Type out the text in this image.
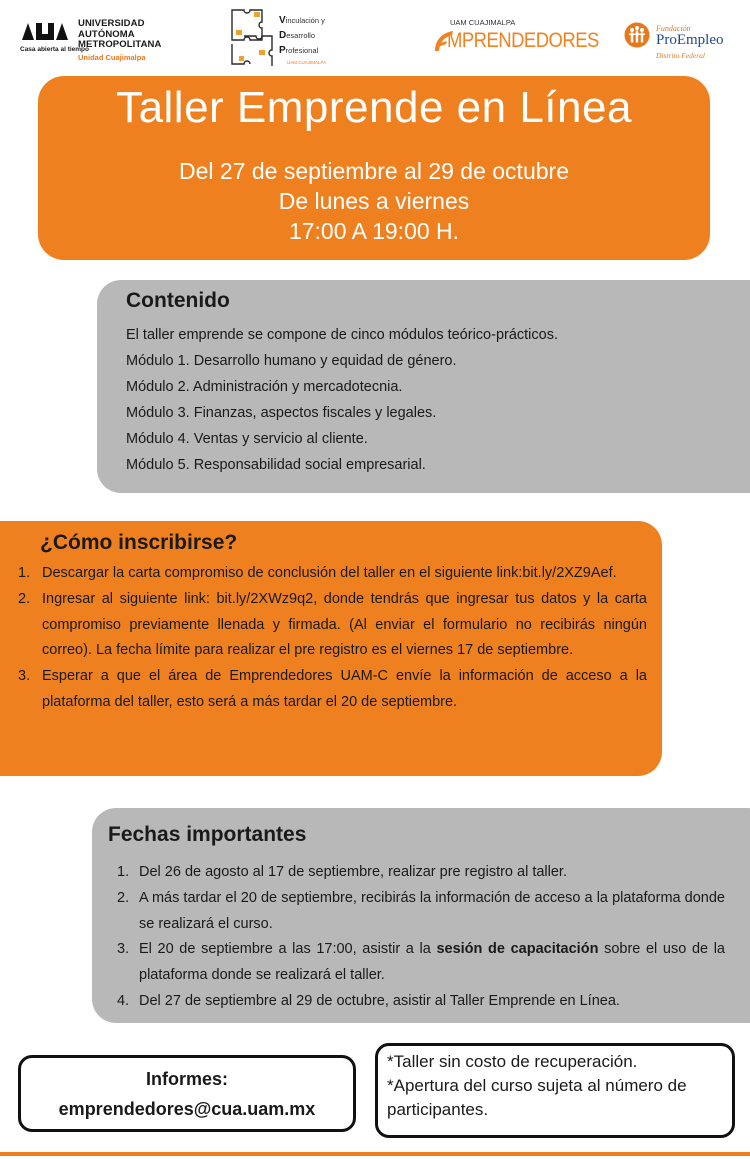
Casa abierta al tiempo
UNIVERSIDAD
AUTÓNOMA
METROPOLITANA
Unidad Cuajimalpa
Vinculación y
Desarrollo
Profesional
UAM CUAJIMALPA
UAM CUAJIMALPA
MPRENDEDORES
Fundación
ProEmpleo
Distrito Federal
Taller Emprende en Línea
Del 27 de septiembre al 29 de octubre
De lunes a viernes
17:00 A 19:00 H.
Contenido
El taller emprende se compone de cinco módulos teórico-prácticos.
Módulo 1. Desarrollo humano y equidad de género.
Módulo 2. Administración y mercadotecnia.
Módulo 3. Finanzas, aspectos fiscales y legales.
Módulo 4. Ventas y servicio al cliente.
Módulo 5. Responsabilidad social empresarial.
¿Cómo inscribirse?
1. Descargar la carta compromiso de conclusión del taller en el siguiente link:bit.ly/2XZ9Aef.
2. Ingresar al siguiente link: bit.ly/2XWz9q2, donde tendrás que ingresar tus datos y la carta compromiso previamente llenada y firmada. (Al enviar el formulario no recibirás ningún correo). La fecha límite para realizar el pre registro es el viernes 17 de septiembre.
3. Esperar a que el área de Emprendedores UAM-C envíe la información de acceso a la plataforma del taller, esto será a más tardar el 20 de septiembre.
Fechas importantes
1. Del 26 de agosto al 17 de septiembre, realizar pre registro al taller.
2. A más tardar el 20 de septiembre, recibirás la información de acceso a la plataforma donde se realizará el curso.
3. El 20 de septiembre a las 17:00, asistir a la sesión de capacitación sobre el uso de la plataforma donde se realizará el taller.
4. Del 27 de septiembre al 29 de octubre, asistir al Taller Emprende en Línea.
Informes:
emprendedores@cua.uam.mx
*Taller sin costo de recuperación.
*Apertura del curso sujeta al número de participantes.
